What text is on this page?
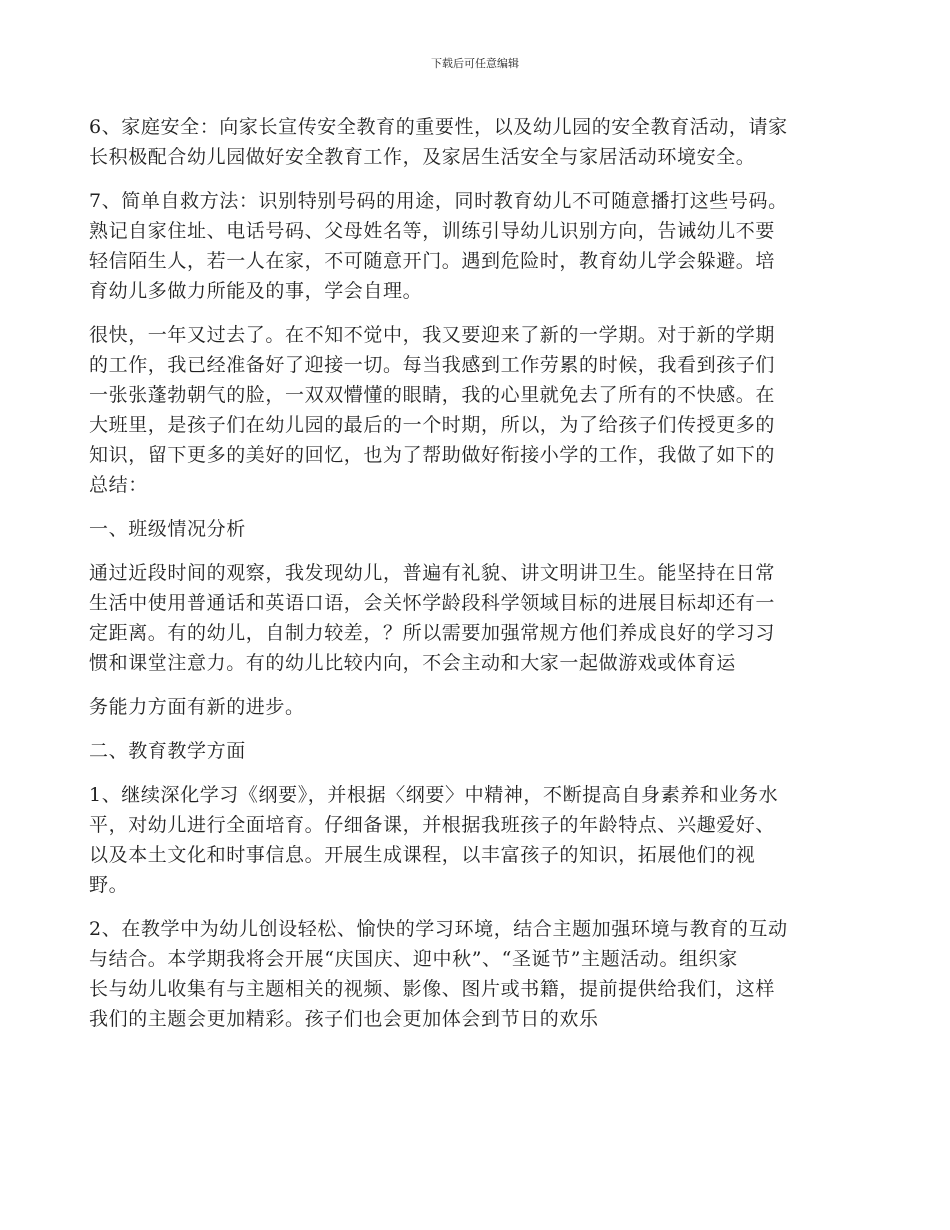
下载后可任意编辑
6、家庭安全：向家长宣传安全教育的重要性，以及幼儿园的安全教育活动，请家
长积极配合幼儿园做好安全教育工作，及家居生活安全与家居活动环境安全。
7、简单自救方法：识别特别号码的用途，同时教育幼儿不可随意播打这些号码。
熟记自家住址、电话号码、父母姓名等，训练引导幼儿识别方向，告诫幼儿不要
轻信陌生人，若一人在家，不可随意开门。遇到危险时，教育幼儿学会躲避。培
育幼儿多做力所能及的事，学会自理。
很快，一年又过去了。在不知不觉中，我又要迎来了新的一学期。对于新的学期
的工作，我已经准备好了迎接一切。每当我感到工作劳累的时候，我看到孩子们
一张张蓬勃朝气的脸，一双双懵懂的眼睛，我的心里就免去了所有的不快感。在
大班里，是孩子们在幼儿园的最后的一个时期，所以，为了给孩子们传授更多的
知识，留下更多的美好的回忆，也为了帮助做好衔接小学的工作，我做了如下的
总结：
一、班级情况分析
通过近段时间的观察，我发现幼儿，普遍有礼貌、讲文明讲卫生。能坚持在日常
生活中使用普通话和英语口语，会关怀学龄段科学领域目标的进展目标却还有一
定距离。有的幼儿，自制力较差，？所以需要加强常规方他们养成良好的学习习
惯和课堂注意力。有的幼儿比较内向，不会主动和大家一起做游戏或体育运
务能力方面有新的进步。
二、教育教学方面
1、继续深化学习《纲要》，并根据〈纲要〉中精神，不断提高自身素养和业务水
平，对幼儿进行全面培育。仔细备课，并根据我班孩子的年龄特点、兴趣爱好、
以及本土文化和时事信息。开展生成课程，以丰富孩子的知识，拓展他们的视
野。
2、在教学中为幼儿创设轻松、愉快的学习环境，结合主题加强环境与教育的互动
与结合。本学期我将会开展“庆国庆、迎中秋”、“圣诞节”主题活动。组织家
长与幼儿收集有与主题相关的视频、影像、图片或书籍，提前提供给我们，这样
我们的主题会更加精彩。孩子们也会更加体会到节日的欢乐
